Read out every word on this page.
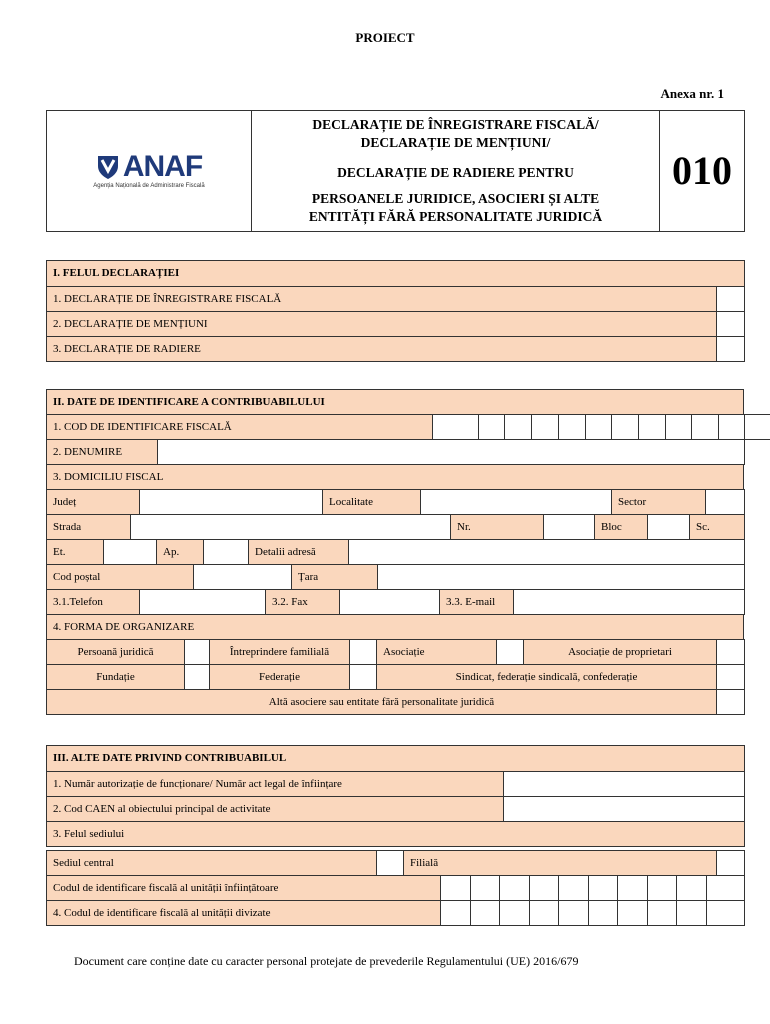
PROIECT
Anexa nr. 1
ANAF
Agenția Națională de Administrare Fiscală

DECLARAȚIE DE ÎNREGISTRARE FISCALĂ/
DECLARAȚIE DE MENȚIUNI/
DECLARAȚIE DE RADIERE PENTRU
PERSOANELE JURIDICE, ASOCIERI ȘI ALTE
ENTITĂȚI FĂRĂ PERSONALITATE JURIDICĂ
	010
I. FELUL DECLARAȚIEI	
1. DECLARAȚIE DE ÎNREGISTRARE FISCALĂ	
2. DECLARAȚIE DE MENȚIUNI	
3. DECLARAȚIE DE RADIERE	
II. DATE DE IDENTIFICARE A CONTRIBUABILULUI
1. COD DE IDENTIFICARE FISCALĂ												
2. DENUMIRE	
3. DOMICILIU FISCAL
Județ		Localitate		Sector	
Strada		Nr.		Bloc		Sc.
Et.		Ap.		Detalii adresă	
Cod poștal		Țara	
3.1.Telefon		3.2. Fax		3.3. E-mail	
4. FORMA DE ORGANIZARE
Persoană juridică		Întreprindere familială		Asociație		Asociație de proprietari	
Fundație		Federație		Sindicat, federație sindicală, confederație	
Altă asociere sau entitate fără personalitate juridică	
III. ALTE DATE PRIVIND CONTRIBUABILUL	
1. Număr autorizație de funcționare/ Număr act legal de înființare	
2. Cod CAEN al obiectului principal de activitate	
3. Felul sediului	
Sediul central		Filială	
Codul de identificare fiscală al unității înființătoare										
4. Codul de identificare fiscală al unității divizate										
Document care conține date cu caracter personal protejate de prevederile Regulamentului (UE) 2016/679
